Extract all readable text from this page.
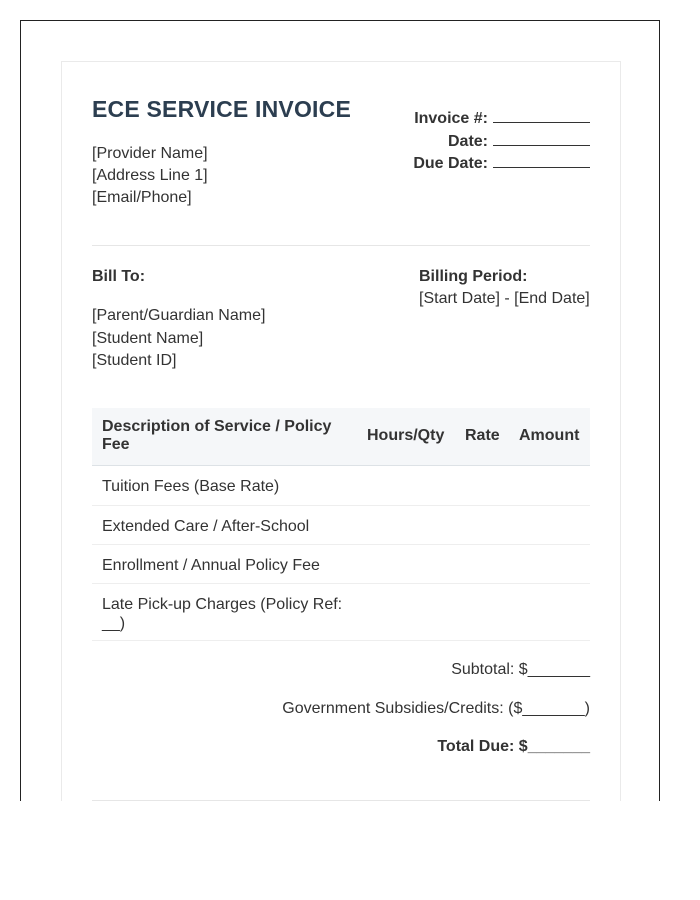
ECE SERVICE INVOICE
[Provider Name]
[Address Line 1]
[Email/Phone]
Invoice #:
Date:
Due Date:
Bill To:
[Parent/Guardian Name]
[Student Name]
[Student ID]
Billing Period:
[Start Date] - [End Date]
Description of Service / Policy Fee
Hours/Qty Rate Amount
Tuition Fees (Base Rate)
Extended Care / After-School
Enrollment / Annual Policy Fee
Late Pick-up Charges (Policy Ref: __)
Subtotal: $_______
Government Subsidies/Credits: ($_______)
Total Due: $_______
